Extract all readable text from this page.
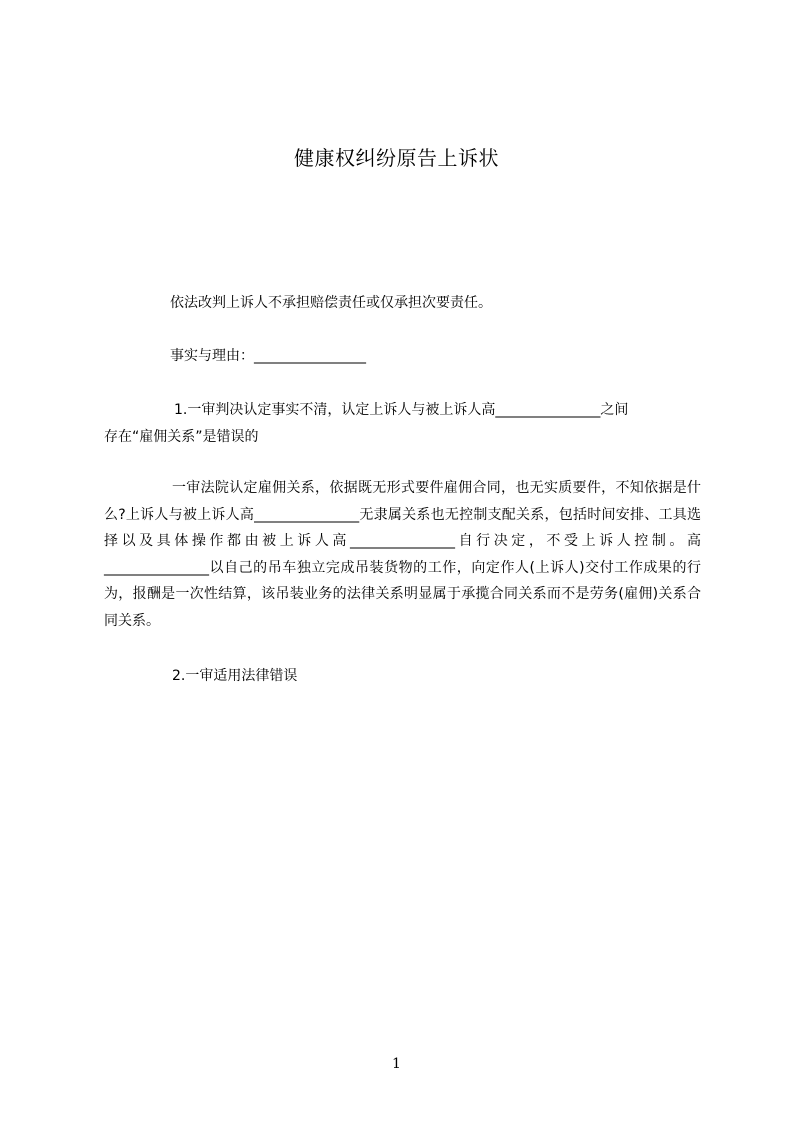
健康权纠纷原告上诉状
依法改判上诉人不承担赔偿责任或仅承担次要责任。
事实与理由：________________
1.一审判决认定事实不清，认定上诉人与被上诉人高_______________之间
存在“雇佣关系”是错误的
一审法院认定雇佣关系，依据既无形式要件雇佣合同，也无实质要件，不知依据是什么?上诉人与被上诉人高_______________无隶属关系也无控制支配关系，包括时间安排、工具选择以及具体操作都由被上诉人高_______________自行决定，不受上诉人控制。高_______________以自己的吊车独立完成吊装货物的工作，向定作人(上诉人)交付工作成果的行为，报酬是一次性结算，该吊装业务的法律关系明显属于承揽合同关系而不是劳务(雇佣)关系合同关系。
2.一审适用法律错误
1
